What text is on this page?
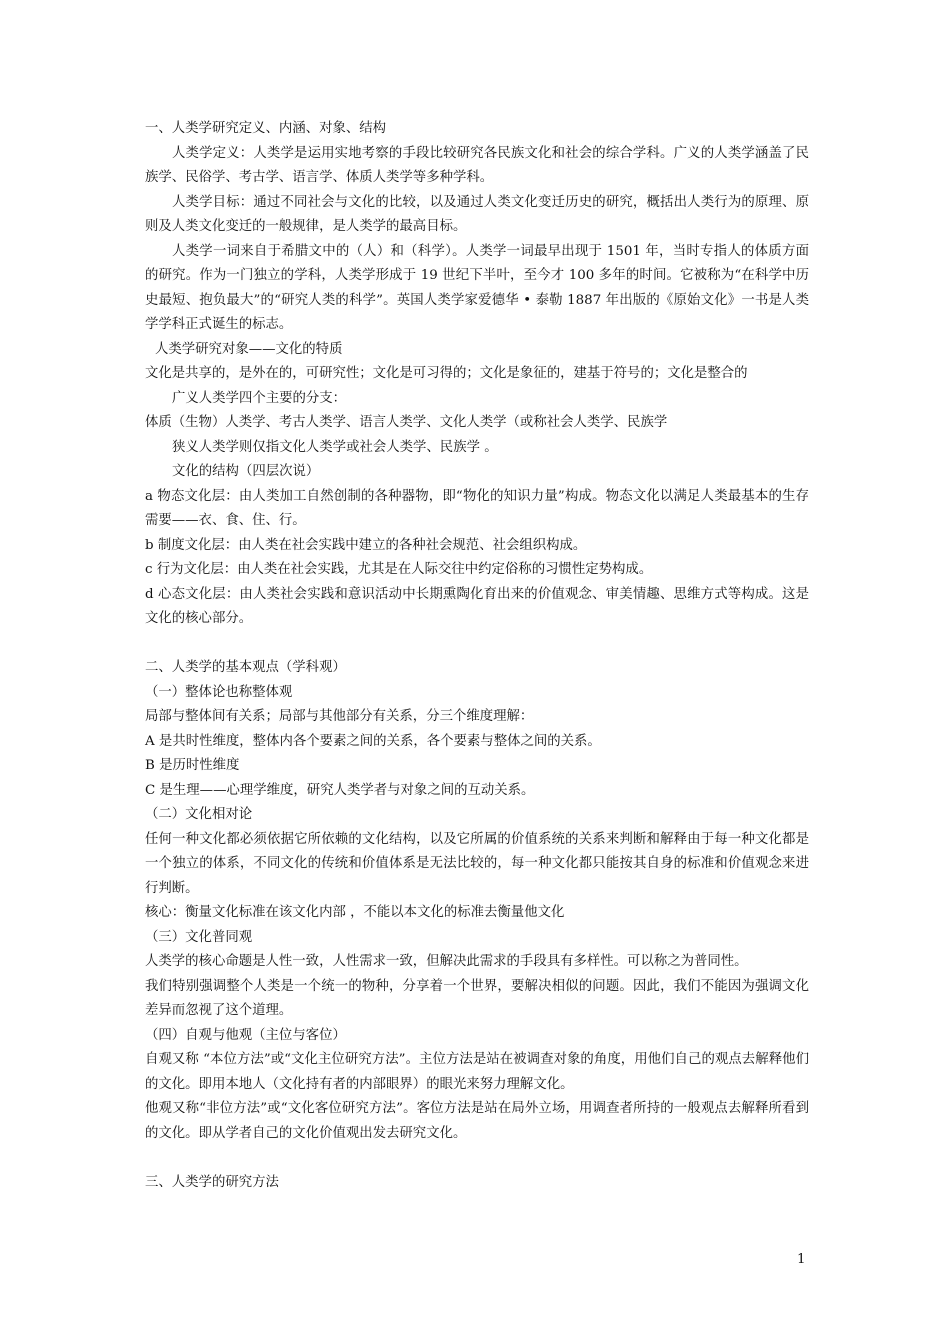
一、人类学研究定义、内涵、对象、结构

人类学定义：人类学是运用实地考察的手段比较研究各民族文化和社会的综合学科。广义的人类学涵盖了民族学、民俗学、考古学、语言学、体质人类学等多种学科。

人类学目标：通过不同社会与文化的比较，以及通过人类文化变迁历史的研究，概括出人类行为的原理、原则及人类文化变迁的一般规律，是人类学的最高目标。

人类学一词来自于希腊文中的（人）和（科学）。人类学一词最早出现于 1501 年，当时专指人的体质方面的研究。作为一门独立的学科，人类学形成于 19 世纪下半叶，至今才 100 多年的时间。它被称为“在科学中历史最短、抱负最大”的“研究人类的科学”。英国人类学家爱德华 • 泰勒 1887 年出版的《原始文化》一书是人类学学科正式诞生的标志。

人类学研究对象——文化的特质

文化是共享的，是外在的，可研究性；文化是可习得的；文化是象征的，建基于符号的；文化是整合的

广义人类学四个主要的分支：

体质（生物）人类学、考古人类学、语言人类学、文化人类学（或称社会人类学、民族学

狭义人类学则仅指文化人类学或社会人类学、民族学 。

文化的结构（四层次说）

a 物态文化层：由人类加工自然创制的各种器物，即“物化的知识力量”构成。物态文化以满足人类最基本的生存需要——衣、食、住、行。

b 制度文化层：由人类在社会实践中建立的各种社会规范、社会组织构成。

c 行为文化层：由人类在社会实践，尤其是在人际交往中约定俗称的习惯性定势构成。

d 心态文化层：由人类社会实践和意识活动中长期熏陶化育出来的价值观念、审美情趣、思维方式等构成。这是文化的核心部分。

二、人类学的基本观点（学科观）

（一）整体论也称整体观

局部与整体间有关系；局部与其他部分有关系，分三个维度理解：

A 是共时性维度，整体内各个要素之间的关系，各个要素与整体之间的关系。

B 是历时性维度

C 是生理——心理学维度，研究人类学者与对象之间的互动关系。

（二）文化相对论

任何一种文化都必须依据它所依赖的文化结构，以及它所属的价值系统的关系来判断和解释由于每一种文化都是一个独立的体系，不同文化的传统和价值体系是无法比较的，每一种文化都只能按其自身的标准和价值观念来进行判断。

核心：衡量文化标准在该文化内部 ，不能以本文化的标准去衡量他文化

（三）文化普同观

人类学的核心命题是人性一致，人性需求一致，但解决此需求的手段具有多样性。可以称之为普同性。

我们特别强调整个人类是一个统一的物种，分享着一个世界，要解决相似的问题。因此，我们不能因为强调文化差异而忽视了这个道理。

（四）自观与他观（主位与客位）

自观又称 “本位方法”或“文化主位研究方法”。主位方法是站在被调查对象的角度，用他们自己的观点去解释他们的文化。即用本地人（文化持有者的内部眼界）的眼光来努力理解文化。

他观又称“非位方法”或“文化客位研究方法”。客位方法是站在局外立场，用调查者所持的一般观点去解释所看到的文化。即从学者自己的文化价值观出发去研究文化。

三、人类学的研究方法

1
